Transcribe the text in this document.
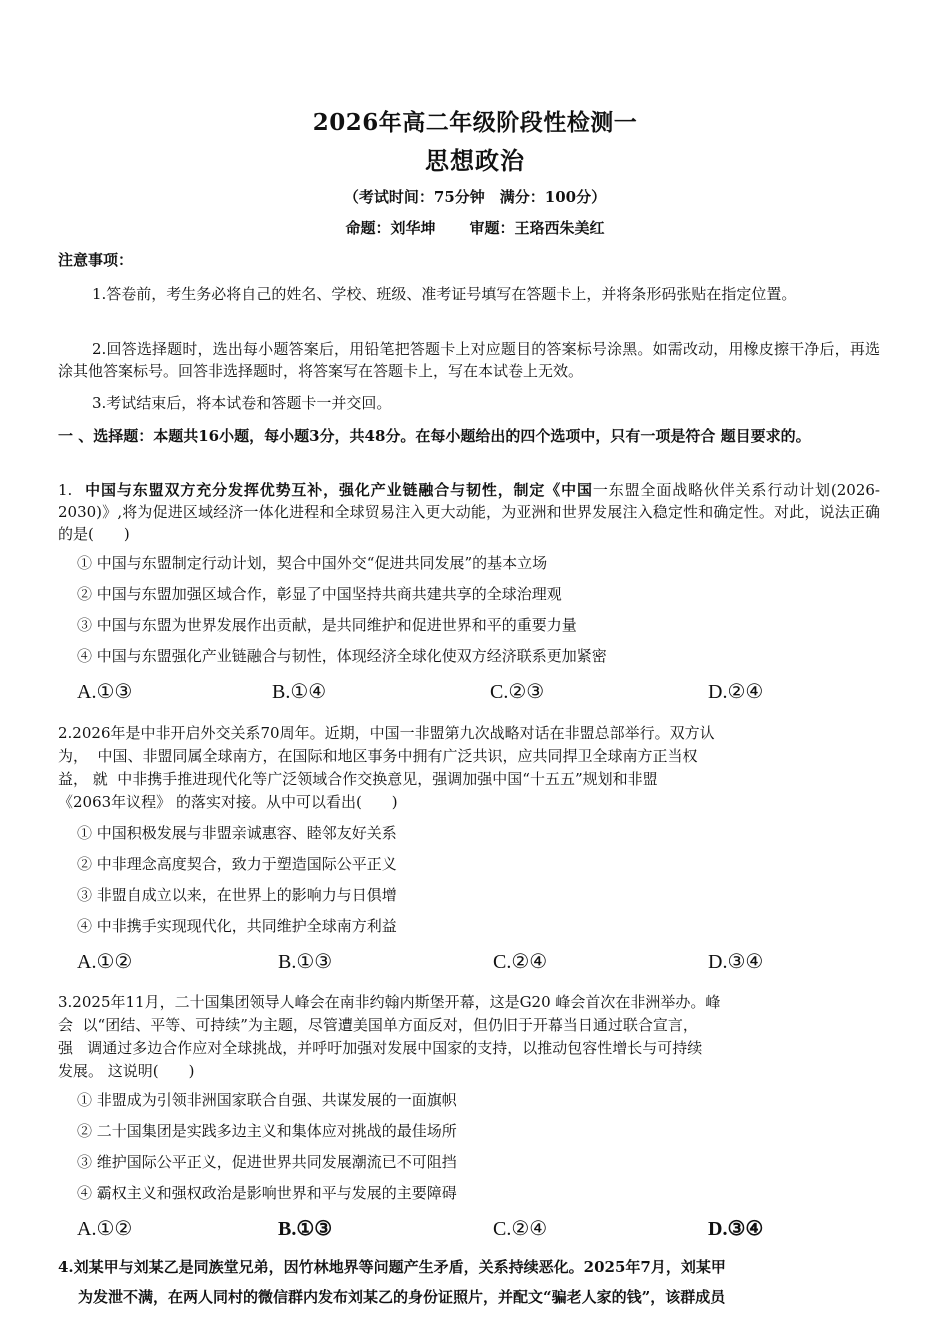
2026年高二年级阶段性检测一
思想政治
（考试时间：75分钟　满分：100分）
命题：刘华坤 审题：王珞西朱美红
注意事项：
1.答卷前，考生务必将自己的姓名、学校、班级、准考证号填写在答题卡上，并将条形码张贴在指定位置。
2.回答选择题时，选出每小题答案后，用铅笔把答题卡上对应题目的答案标号涂黑。如需改动，用橡皮擦干净后，再选涂其他答案标号。回答非选择题时，将答案写在答题卡上，写在本试卷上无效。
3.考试结束后，将本试卷和答题卡一并交回。
一 、选择题：本题共16小题，每小题3分，共48分。在每小题给出的四个选项中，只有一项是符合 题目要求的。
1. 中国与东盟双方充分发挥优势互补，强化产业链融合与韧性，制定《中国一东盟全面战略伙伴关系行动计划(2026-2030)》,将为促进区域经济一体化进程和全球贸易注入更大动能，为亚洲和世界发展注入稳定性和确定性。对此，说法正确的是(　　)
① 中国与东盟制定行动计划，契合中国外交“促进共同发展”的基本立场
② 中国与东盟加强区域合作，彰显了中国坚持共商共建共享的全球治理观
③ 中国与东盟为世界发展作出贡献，是共同维护和促进世界和平的重要力量
④ 中国与东盟强化产业链融合与韧性，体现经济全球化使双方经济联系更加紧密
A.①③	B.①④	C.②③	D.②④
2.2026年是中非开启外交关系70周年。近期，中国一非盟第九次战略对话在非盟总部举行。双方认
为，  中国、非盟同属全球南方，在国际和地区事务中拥有广泛共识，应共同捍卫全球南方正当权
益， 就  中非携手推进现代化等广泛领域合作交换意见，强调加强中国“十五五”规划和非盟
《2063年议程》 的落实对接。从中可以看出(　　)
① 中国积极发展与非盟亲诚惠容、睦邻友好关系
② 中非理念高度契合，致力于塑造国际公平正义
③ 非盟自成立以来，在世界上的影响力与日俱增
④ 中非携手实现现代化，共同维护全球南方利益
A.①②	B.①③	C.②④	D.③④
3.2025年11月，二十国集团领导人峰会在南非约翰内斯堡开幕，这是G20 峰会首次在非洲举办。峰
会  以“团结、平等、可持续”为主题，尽管遭美国单方面反对，但仍旧于开幕当日通过联合宣言，
强   调通过多边合作应对全球挑战，并呼吁加强对发展中国家的支持，以推动包容性增长与可持续
发展。 这说明(　　)
① 非盟成为引领非洲国家联合自强、共谋发展的一面旗帜
② 二十国集团是实践多边主义和集体应对挑战的最佳场所
③ 维护国际公平正义，促进世界共同发展潮流已不可阻挡
④ 霸权主义和强权政治是影响世界和平与发展的主要障碍
A.①②	B.①③	C.②④	D.③④
4.刘某甲与刘某乙是同族堂兄弟，因竹林地界等问题产生矛盾，关系持续恶化。2025年7月，刘某甲
为发泄不满，在两人同村的微信群内发布刘某乙的身份证照片，并配文“骗老人家的钱”，该群成员
